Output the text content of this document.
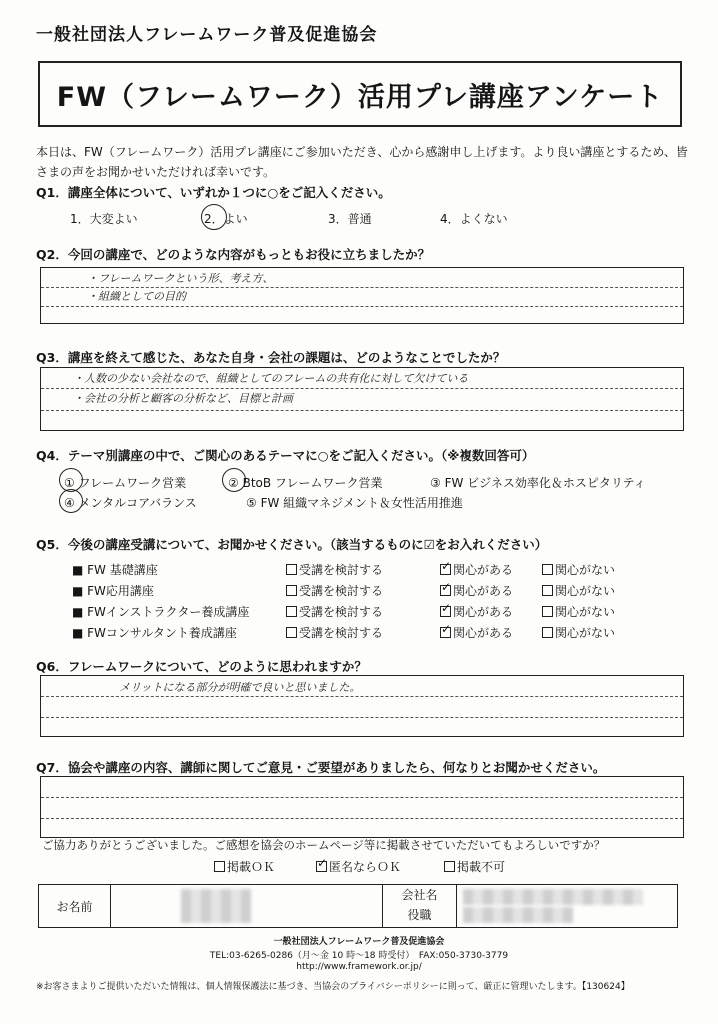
一般社団法人フレームワーク普及促進協会
FW（フレームワーク）活用プレ講座アンケート
本日は、FW（フレームワーク）活用プレ講座にご参加いただき、心から感謝申し上げます。より良い講座とするため、皆さまの声をお聞かせいただければ幸いです。
Q1．講座全体について、いずれか１つに○をご記入ください。
1．大変よい	2．よい	3．普通	4．よくない
Q2．今回の講座で、どのような内容がもっともお役に立ちましたか？
・フレームワークという形、考え方、
・組織としての目的
Q3．講座を終えて感じた、あなた自身・会社の課題は、どのようなことでしたか？
・人数の少ない会社なので、組織としてのフレームの共有化に対して欠けている
・会社の分析と顧客の分析など、目標と計画
Q4．テーマ別講座の中で、ご関心のあるテーマに○をご記入ください。（※複数回答可）
① フレームワーク営業	② BtoB フレームワーク営業	③ FW ビジネス効率化＆ホスピタリティ
④ メンタルコアバランス	⑤ FW 組織マネジメント＆女性活用推進
Q5．今後の講座受講について、お聞かせください。（該当するものに☑をお入れください）
■ FW 基礎講座
■ FW応用講座
■ FWインストラクター養成講座
■ FWコンサルタント養成講座
受講を検討する
受講を検討する
受講を検討する
受講を検討する
✓関心がある
✓関心がある
✓関心がある
✓関心がある
関心がない
関心がない
関心がない
関心がない
Q6．フレームワークについて、どのように思われますか？
メリットになる部分が明確で良いと思いました。
Q7．協会や講座の内容、講師に関してご意見・ご要望がありましたら、何なりとお聞かせください。
ご協力ありがとうございました。ご感想を協会のホームページ等に掲載させていただいてもよろしいですか？
掲載ＯＫ
✓	匿名ならＯＫ	掲載不可
お名前
会社名
役職
一般社団法人フレームワーク普及促進協会
TEL:03-6265-0286（月～金 10 時～18 時受付）　FAX:050-3730-3779
http://www.framework.or.jp/
※お客さまよりご提供いただいた情報は、個人情報保護法に基づき、当協会のプライバシーポリシーに則って、厳正に管理いたします。【130624】
